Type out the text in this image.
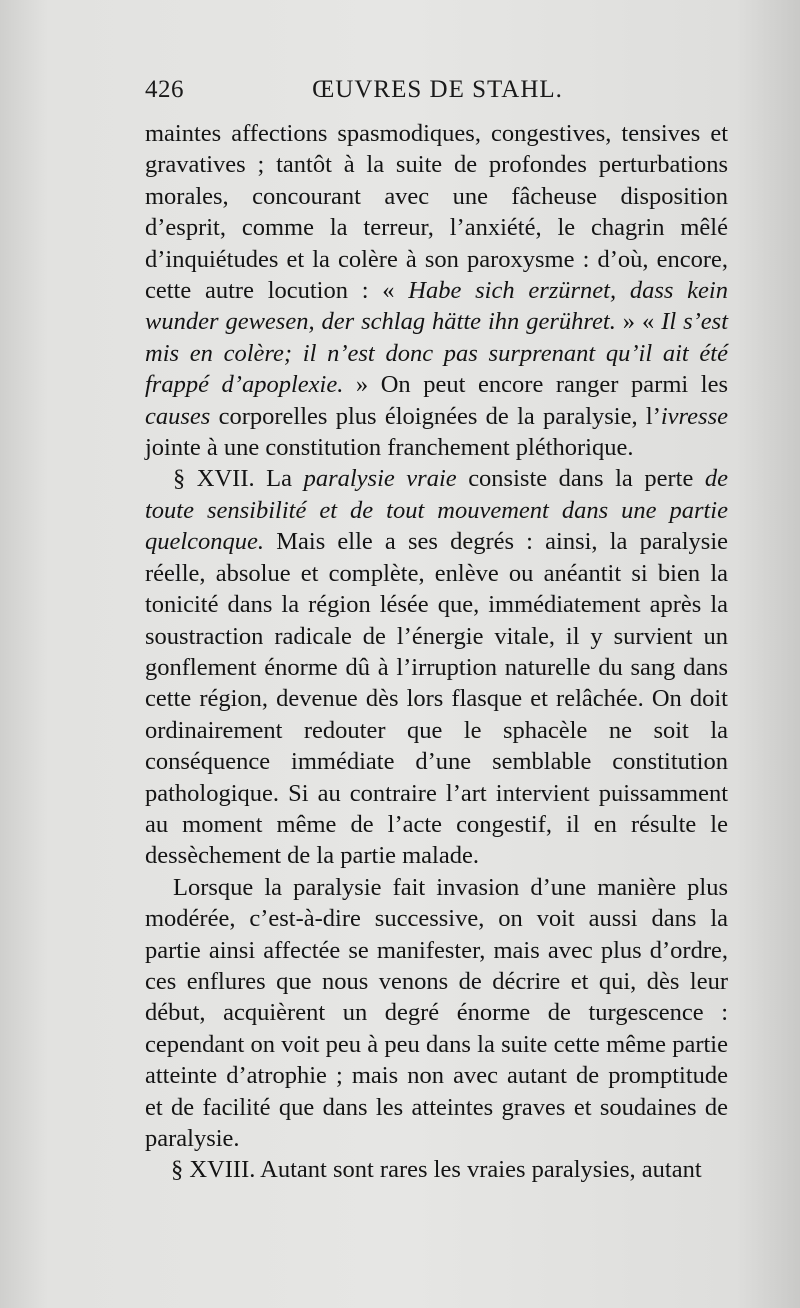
426	ŒUVRES DE STAHL.

maintes affections spasmodiques, congestives, tensives et gravatives ; tantôt à la suite de profondes perturbations morales, concourant avec une fâcheuse disposition d’esprit, comme la terreur, l’anxiété, le chagrin mêlé d’inquiétudes et la colère à son paroxysme : d’où, encore, cette autre locution : « Habe sich erzürnet, dass kein wunder gewesen, der schlag hätte ihn gerühret. » « Il s’est mis en colère; il n’est donc pas surprenant qu’il ait été frappé d’apoplexie. » On peut encore ranger parmi les causes corporelles plus éloignées de la paralysie, l’ivresse jointe à une constitution franchement pléthorique.

§ XVII. La paralysie vraie consiste dans la perte de toute sensibilité et de tout mouvement dans une partie quelconque. Mais elle a ses degrés : ainsi, la paralysie réelle, absolue et complète, enlève ou anéantit si bien la tonicité dans la région lésée que, immédiatement après la soustraction radicale de l’énergie vitale, il y survient un gonflement énorme dû à l’irruption naturelle du sang dans cette région, devenue dès lors flasque et relâchée. On doit ordinairement redouter que le sphacèle ne soit la conséquence immédiate d’une semblable constitution pathologique. Si au contraire l’art intervient puissamment au moment même de l’acte congestif, il en résulte le dessèchement de la partie malade.

Lorsque la paralysie fait invasion d’une manière plus modérée, c’est-à-dire successive, on voit aussi dans la partie ainsi affectée se manifester, mais avec plus d’ordre, ces enflures que nous venons de décrire et qui, dès leur début, acquièrent un degré énorme de turgescence : cependant on voit peu à peu dans la suite cette même partie atteinte d’atrophie ; mais non avec autant de promptitude et de facilité que dans les atteintes graves et soudaines de paralysie.

§ XVIII. Autant sont rares les vraies paralysies, autant
